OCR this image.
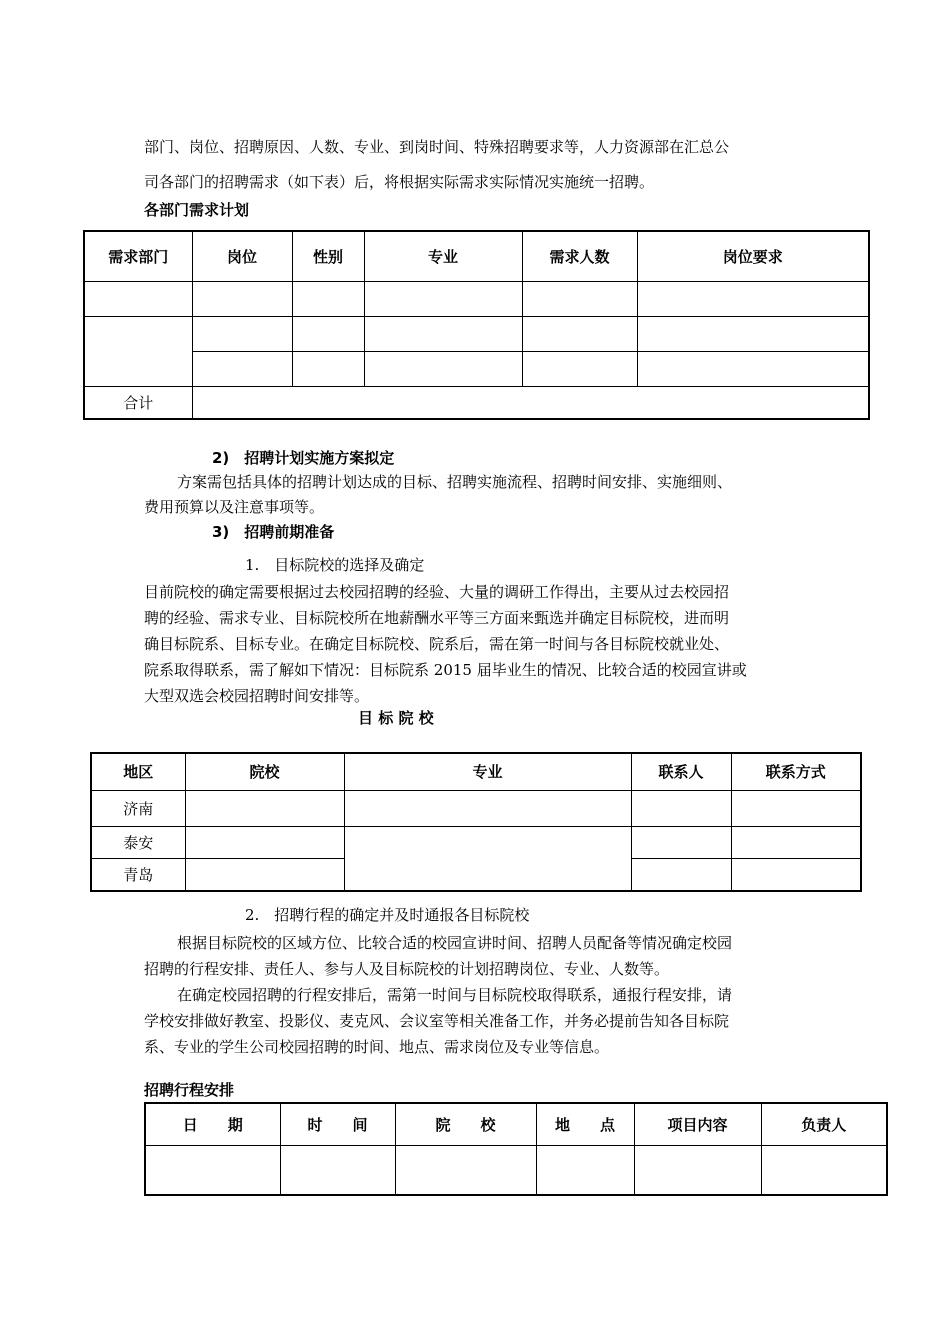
部门、岗位、招聘原因、人数、专业、到岗时间、特殊招聘要求等，人力资源部在汇总公

司各部门的招聘需求（如下表）后，将根据实际需求实际情况实施统一招聘。

各部门需求计划

需求部门	岗位	性别	专业	需求人数	岗位要求

合计					

2)　招聘计划实施方案拟定

方案需包括具体的招聘计划达成的目标、招聘实施流程、招聘时间安排、实施细则、

费用预算以及注意事项等。

3)　招聘前期准备

1.　目标院校的选择及确定

目前院校的确定需要根据过去校园招聘的经验、大量的调研工作得出，主要从过去校园招

聘的经验、需求专业、目标院校所在地薪酬水平等三方面来甄选并确定目标院校，进而明

确目标院系、目标专业。在确定目标院校、院系后，需在第一时间与各目标院校就业处、

院系取得联系，需了解如下情况：目标院系 2015 届毕业生的情况、比较合适的校园宣讲或

大型双选会校园招聘时间安排等。

目 标 院 校

地区	院校	专业	联系人	联系方式
济南				
泰安				
青岛				

2.　招聘行程的确定并及时通报各目标院校

根据目标院校的区域方位、比较合适的校园宣讲时间、招聘人员配备等情况确定校园

招聘的行程安排、责任人、参与人及目标院校的计划招聘岗位、专业、人数等。

在确定校园招聘的行程安排后，需第一时间与目标院校取得联系，通报行程安排，请

学校安排做好教室、投影仪、麦克风、会议室等相关准备工作，并务必提前告知各目标院

系、专业的学生公司校园招聘的时间、地点、需求岗位及专业等信息。

招聘行程安排

日　　期	时　　间	院　　校	地　　点	项目内容	负责人
